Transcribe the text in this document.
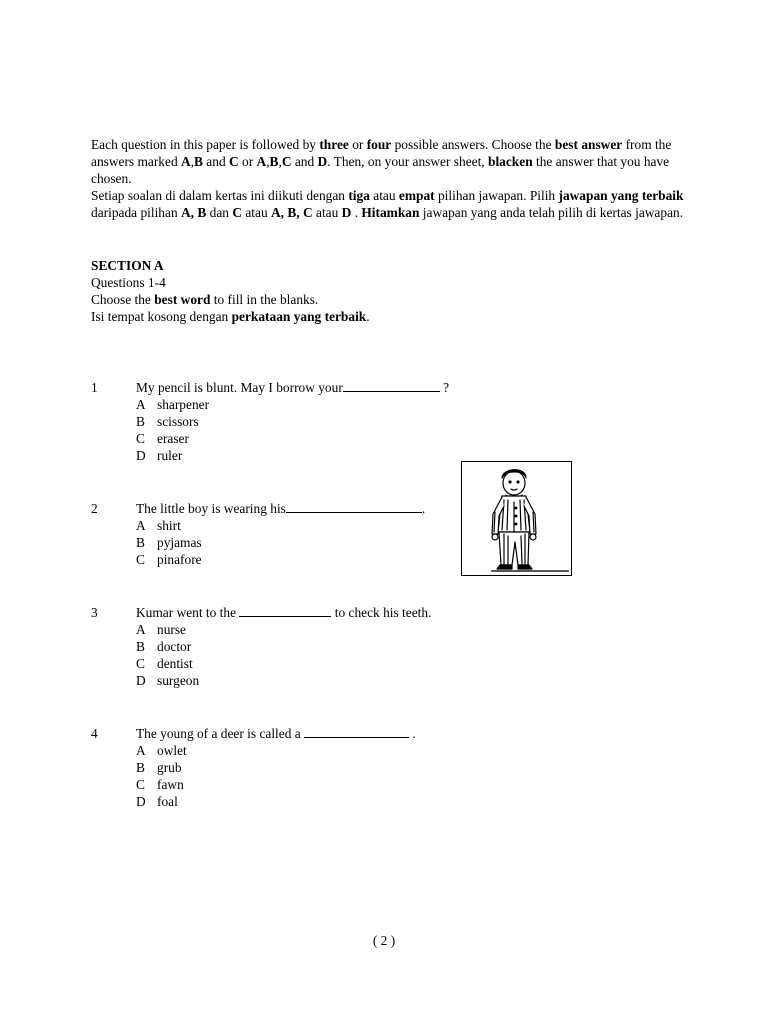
Each question in this paper is followed by three or four possible answers. Choose the best answer from the answers marked A,B and C or A,B,C and D. Then, on your answer sheet, blacken the answer that you have chosen.

Setiap soalan di dalam kertas ini diikuti dengan tiga atau empat pilihan jawapan. Pilih jawapan yang terbaik daripada pilihan A, B dan C atau A, B, C atau D . Hitamkan jawapan yang anda telah pilih di kertas jawapan.

SECTION A

Questions 1-4

Choose the best word to fill in the blanks.

Isi tempat kosong dengan perkataan yang terbaik.

1	My pencil is blunt. May I borrow your	?
A sharpener
B scissors
C eraser
D ruler
2	The little boy is wearing his	.
A shirt
B pyjamas
C pinafore
3	Kumar went to the	to check his teeth.
A nurse
B doctor
C dentist
D surgeon
4	The young of a deer is called a	.
A owlet
B grub
C fawn
D foal
( 2 )
